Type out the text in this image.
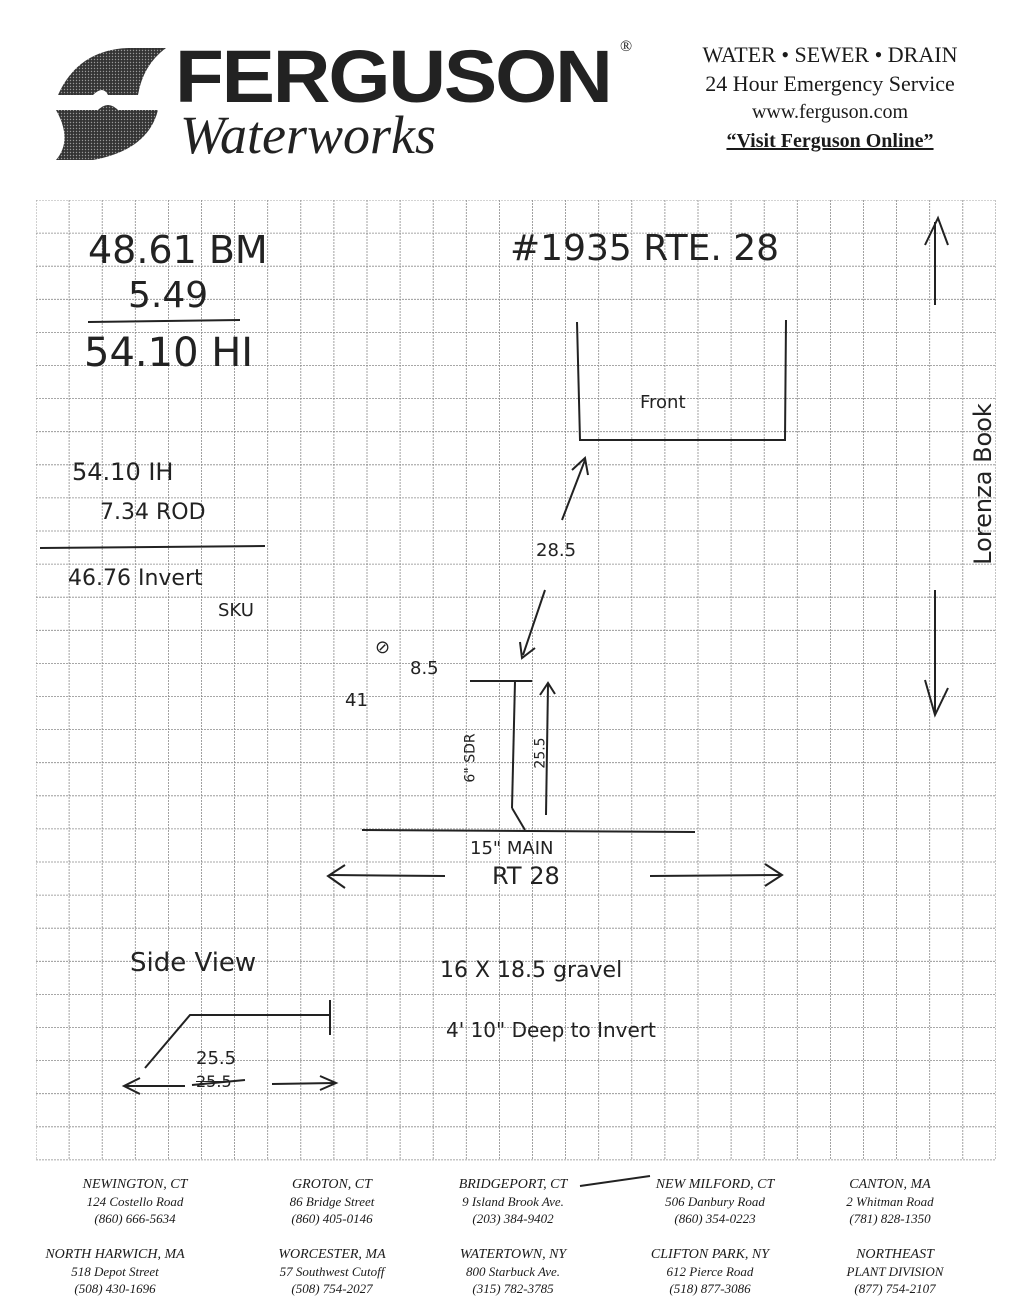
FERGUSON ®
Waterworks
WATER • SEWER • DRAIN
24 Hour Emergency Service
www.ferguson.com
“Visit Ferguson Online”
48.61 BM
5.49
54.10 HI
54.10 IH
7.34 ROD
46.76 Invert
SKU
#1935 RTE. 28
Front
Lorenza Book
28.5
⊘
8.5
41
6" SDR	25.5
15" MAIN
RT 28
Side View
25.5
25.5
16 X 18.5 gravel
4' 10" Deep to Invert
NEWINGTON, CT
124 Costello Road
(860) 666-5634
GROTON, CT
86 Bridge Street
(860) 405-0146
BRIDGEPORT, CT
9 Island Brook Ave.
(203) 384-9402
NEW MILFORD, CT
506 Danbury Road
(860) 354-0223
CANTON, MA
2 Whitman Road
(781) 828-1350
NORTH HARWICH, MA
518 Depot Street
(508) 430-1696
WORCESTER, MA
57 Southwest Cutoff
(508) 754-2027
WATERTOWN, NY
800 Starbuck Ave.
(315) 782-3785
CLIFTON PARK, NY
612 Pierce Road
(518) 877-3086
NORTHEAST
PLANT DIVISION
(877) 754-2107
